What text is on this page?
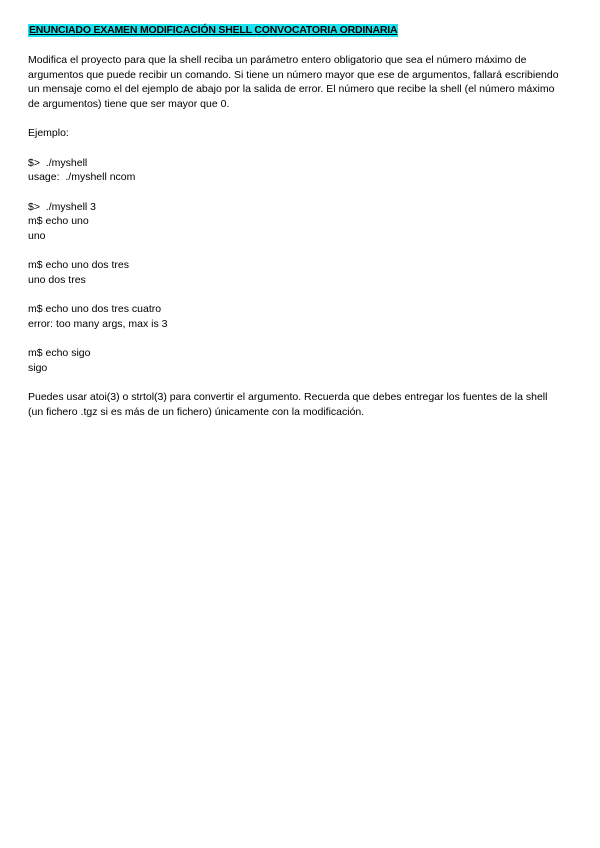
ENUNCIADO EXAMEN MODIFICACIÓN SHELL CONVOCATORIA ORDINARIA

Modifica el proyecto para que la shell reciba un parámetro entero obligatorio que sea el número máximo de argumentos que puede recibir un comando. Si tiene un número mayor que ese de argumentos, fallará escribiendo un mensaje como el del ejemplo de abajo por la salida de error. El número que recibe la shell (el número máximo de argumentos) tiene que ser mayor que 0.

Ejemplo:

$>  ./myshell
usage:  ./myshell ncom
$>  ./myshell 3
m$ echo uno
uno
m$ echo uno dos tres
uno dos tres
m$ echo uno dos tres cuatro
error: too many args, max is 3
m$ echo sigo
sigo

Puedes usar atoi(3) o strtol(3) para convertir el argumento. Recuerda que debes entregar los fuentes de la shell (un fichero .tgz si es más de un fichero) únicamente con la modificación.
